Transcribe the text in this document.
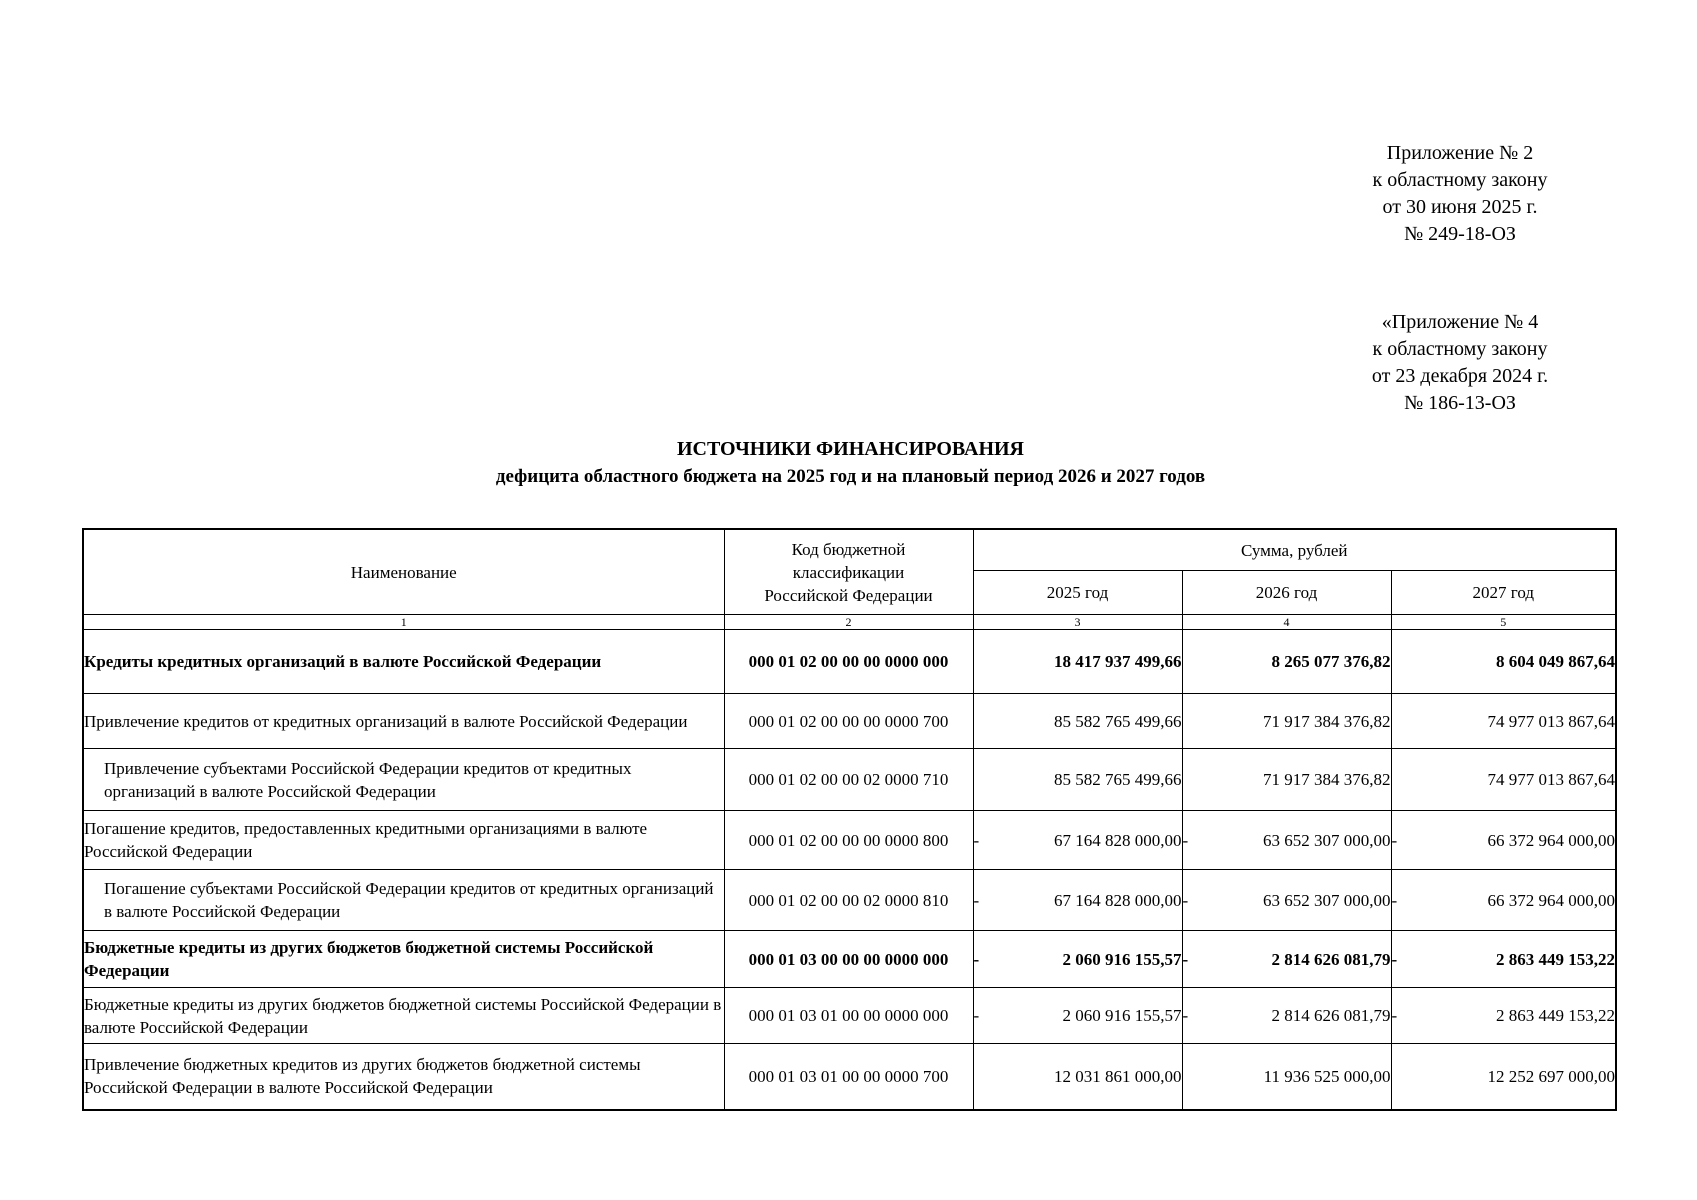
Приложение № 2
к областному закону
от 30 июня 2025 г.
№ 249-18-ОЗ
«Приложение № 4
к областному закону
от 23 декабря 2024 г.
№ 186-13-ОЗ
ИСТОЧНИКИ ФИНАНСИРОВАНИЯ
дефицита областного бюджета на 2025 год и на плановый период 2026 и 2027 годов
Наименование	Код бюджетной классификации Российской Федерации	Сумма, рублей		
		2025 год	2026 год	2027 год
1	2	3	4	5
Кредиты кредитных организаций в валюте Российской Федерации	000 01 02 00 00 00 0000 000	18 417 937 499,66	8 265 077 376,82	8 604 049 867,64

Привлечение кредитов от кредитных организаций в валюте Российской Федерации	000 01 02 00 00 00 0000 700	85 582 765 499,66	71 917 384 376,82	74 977 013 867,64

Привлечение субъектами Российской Федерации кредитов от кредитных организаций в валюте Российской Федерации	000 01 02 00 00 02 0000 710	85 582 765 499,66	71 917 384 376,82	74 977 013 867,64

Погашение кредитов, предоставленных кредитными организациями в валюте Российской Федерации	000 01 02 00 00 00 0000 800	- 67 164 828 000,00	- 63 652 307 000,00	- 66 372 964 000,00

Погашение субъектами Российской Федерации кредитов от кредитных организаций в валюте Российской Федерации	000 01 02 00 00 02 0000 810	- 67 164 828 000,00	- 63 652 307 000,00	- 66 372 964 000,00

Бюджетные кредиты из других бюджетов бюджетной системы Российской Федерации	000 01 03 00 00 00 0000 000	- 2 060 916 155,57	- 2 814 626 081,79	- 2 863 449 153,22

Бюджетные кредиты из других бюджетов бюджетной системы Российской Федерации в валюте Российской Федерации	000 01 03 01 00 00 0000 000	- 2 060 916 155,57	- 2 814 626 081,79	- 2 863 449 153,22

Привлечение бюджетных кредитов из других бюджетов бюджетной системы Российской Федерации в валюте Российской Федерации	000 01 03 01 00 00 0000 700	12 031 861 000,00	11 936 525 000,00	12 252 697 000,00
